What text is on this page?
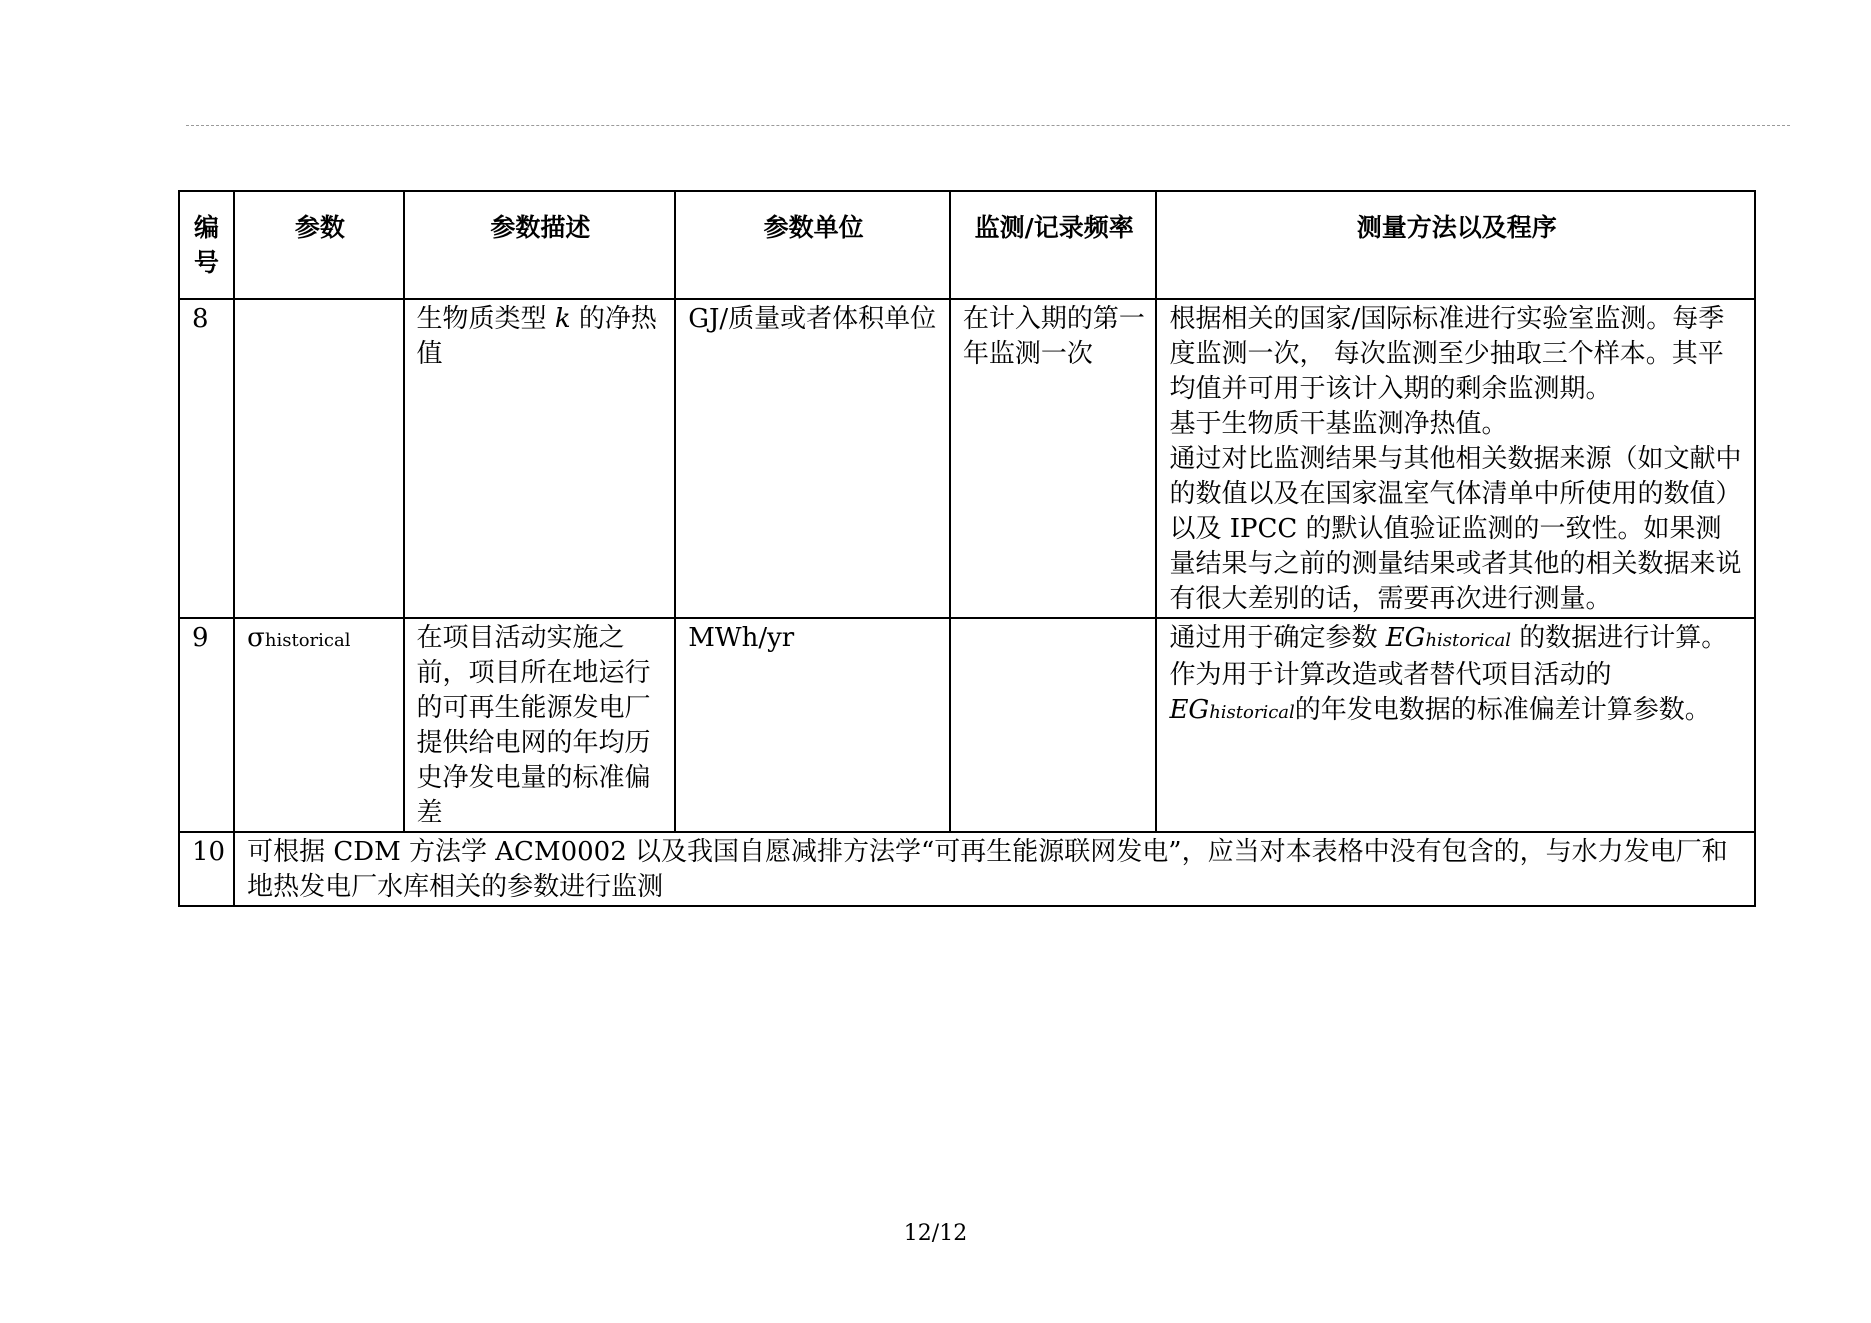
编号	参数	参数描述	参数单位	监测/记录频率	测量方法以及程序
8		生物质类型 k 的净热值	GJ/质量或者体积单位	在计入期的第一年监测一次	根据相关的国家/国际标准进行实验室监测。每季度监测一次， 每次监测至少抽取三个样本。其平均值并可用于该计入期的剩余监测期。
基于生物质干基监测净热值。
通过对比监测结果与其他相关数据来源（如文献中的数值以及在国家温室气体清单中所使用的数值）以及 IPCC 的默认值验证监测的一致性。如果测量结果与之前的测量结果或者其他的相关数据来说有很大差别的话，需要再次进行测量。

9	σhistorical	在项目活动实施之前，项目所在地运行的可再生能源发电厂提供给电网的年均历史净发电量的标准偏差	MWh/yr		通过用于确定参数 EGhistorical 的数据进行计算。
作为用于计算改造或者替代项目活动的 EGhistorical的年发电数据的标准偏差计算参数。

10	可根据 CDM 方法学 ACM0002 以及我国自愿减排方法学“可再生能源联网发电”，应当对本表格中没有包含的，与水力发电厂和地热发电厂水库相关的参数进行监测				
12/12
